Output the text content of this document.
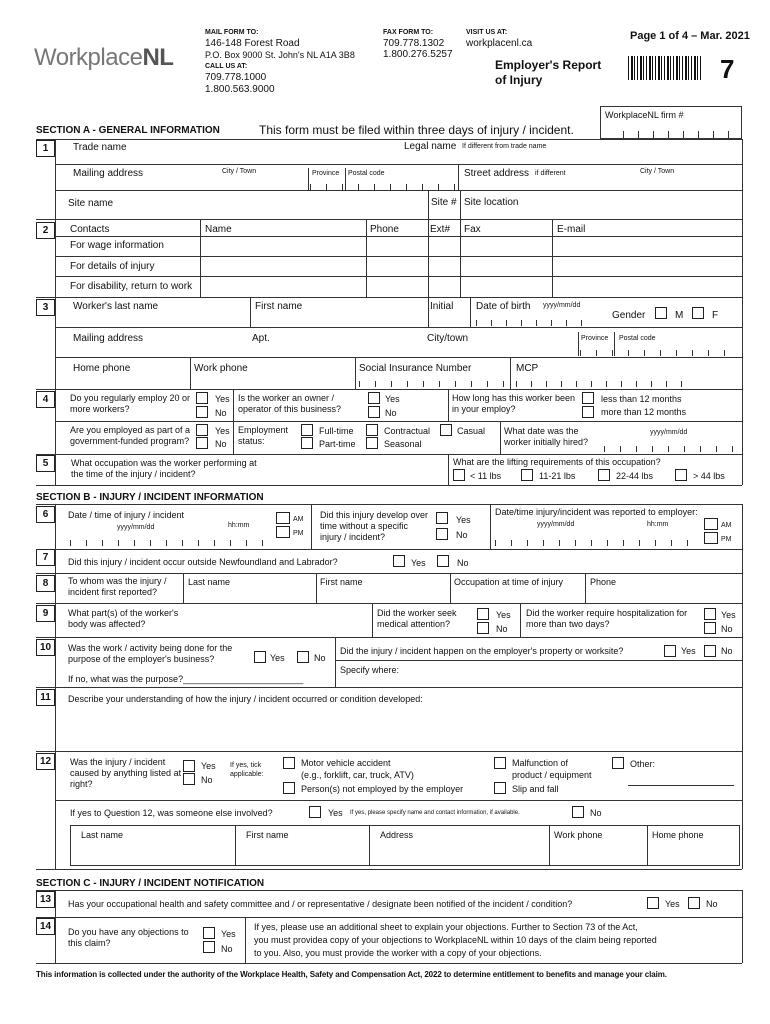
WorkplaceNL
MAIL FORM TO:
146-148 Forest Road
P.O. Box 9000 St. John's NL A1A 3B8
CALL US AT:
709.778.1000
1.800.563.9000
FAX FORM TO:
709.778.1302
1.800.276.5257
VISIT US AT:
workplacenl.ca
Page 1 of 4 – Mar. 2021
Employer's Report
of Injury	7
WorkplaceNL firm #
SECTION A - GENERAL INFORMATION	This form must be filed within three days of injury / incident.
1	Trade name	Legal name If different from trade name
Mailing address	City / Town	Province Postal code	Street address if different	City / Town
Site name	Site # Site location
2	Contacts	Name	Phone	Ext# Fax	E-mail
For wage information
For details of injury
For disability, return to work
3	Worker's last name	First name	Initial Date of birth yyyy/mm/dd
Gender	M	F
Mailing address	Apt.	City/town	Province Postal code
Home phone	Work phone	Social Insurance Number	MCP
4	Do you regularly employ 20 or more workers?
Yes
No
Is the worker an owner / operator of this business?
Yes
No
How long has this worker been in your employ?
less than 12 months
more than 12 months
Are you employed as part of a government-funded program?
Yes
No
Employment status:
Full-time
Part-time
Contractual
Seasonal
Casual What date was the worker initially hired?
yyyy/mm/dd
5	What occupation was the worker performing at the time of the injury / incident?
What are the lifting requirements of this occupation?
< 11 lbs	11-21 lbs	22-44 lbs	> 44 lbs
SECTION B - INJURY / INCIDENT INFORMATION
6	Date / time of injury / incident
yyyy/mm/dd	hh:mm
AM
PM
Did this injury develop over time without a specific injury / incident?
Yes
No
Date/time injury/incident was reported to employer:
yyyy/mm/dd	hh:mm	AM
PM
7	Did this injury / incident occur outside Newfoundland and Labrador?	Yes	No
8	To whom was the injury / incident first reported?
Last name	First name	Occupation at time of injury	Phone
9	What part(s) of the worker's body was affected?
Did the worker seek medical attention?
Yes
No
Did the worker require hospitalization for more than two days?
Yes
No
10	Was the work / activity being done for the purpose of the employer's business?	Yes	No
If no, what was the purpose?________________________
Did the injury / incident happen on the employer's property or worksite?	Yes	No
Specify where:
11	Describe your understanding of how the injury / incident occurred or condition developed:
12	Was the injury / incident caused by anything listed at right?
Yes
No
If yes, tick applicable:
Motor vehicle accident
(e.g., forklift, car, truck, ATV)
Person(s) not employed by the employer
Malfunction of
product / equipment
Slip and fall
Other:
If yes to Question 12, was someone else involved?	Yes If yes, please specify name and contact information, if available.	No
Last name	First name	Address	Work phone	Home phone
SECTION C - INJURY / INCIDENT NOTIFICATION
13	Has your occupational health and safety committee and / or representative / designate been notified of the incident / condition?	Yes	No
14	Do you have any objections to this claim?
Yes
No
If yes, please use an additional sheet to explain your objections. Further to Section 73 of the Act,
you must providea copy of your objections to WorkplaceNL within 10 days of the claim being reported
to you. Also, you must provide the worker with a copy of your objections.
This information is collected under the authority of the Workplace Health, Safety and Compensation Act, 2022 to determine entitlement to benefits and manage your claim.
